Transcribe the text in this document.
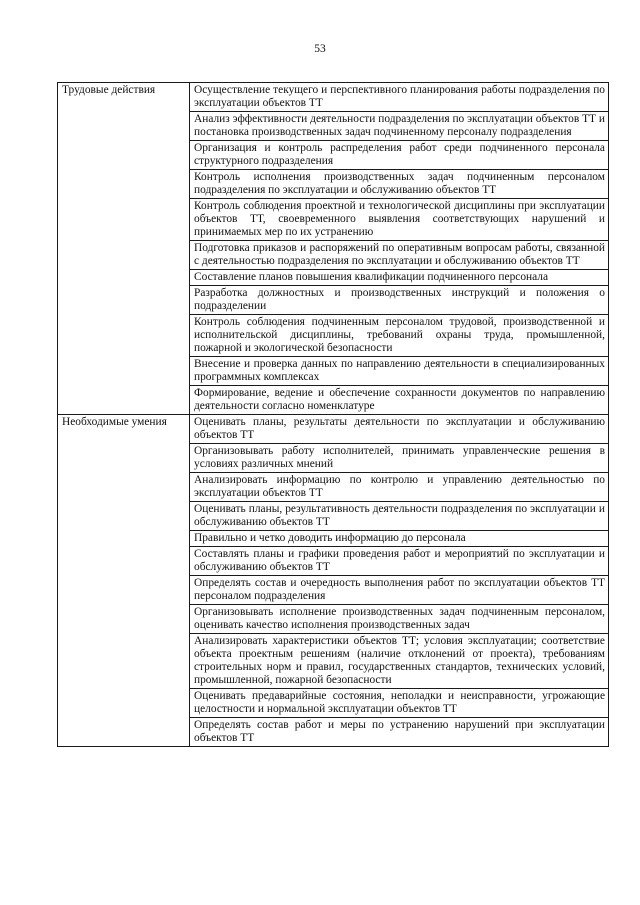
53
Трудовые действия	Осуществление текущего и перспективного планирования работы подразделения по эксплуатации объектов ТТ
	Анализ эффективности деятельности подразделения по эксплуатации объектов ТТ и постановка производственных задач подчиненному персоналу подразделения
	Организация и контроль распределения работ среди подчиненного персонала структурного подразделения
	Контроль исполнения производственных задач подчиненным персоналом подразделения по эксплуатации и обслуживанию объектов ТТ
	Контроль соблюдения проектной и технологической дисциплины при эксплуатации объектов ТТ, своевременного выявления соответствующих нарушений и принимаемых мер по их устранению
	Подготовка приказов и распоряжений по оперативным вопросам работы, связанной с деятельностью подразделения по эксплуатации и обслуживанию объектов ТТ
	Составление планов повышения квалификации подчиненного персонала
	Разработка должностных и производственных инструкций и положения о подразделении
	Контроль соблюдения подчиненным персоналом трудовой, производственной и исполнительской дисциплины, требований охраны труда, промышленной, пожарной и экологической безопасности
	Внесение и проверка данных по направлению деятельности в специализированных программных комплексах
	Формирование, ведение и обеспечение сохранности документов по направлению деятельности согласно номенклатуре
Необходимые умения	Оценивать планы, результаты деятельности по эксплуатации и обслуживанию объектов ТТ
	Организовывать работу исполнителей, принимать управленческие решения в условиях различных мнений
	Анализировать информацию по контролю и управлению деятельностью по эксплуатации объектов ТТ
	Оценивать планы, результативность деятельности подразделения по эксплуатации и обслуживанию объектов ТТ
	Правильно и четко доводить информацию до персонала
	Составлять планы и графики проведения работ и мероприятий по эксплуатации и обслуживанию объектов ТТ
	Определять состав и очередность выполнения работ по эксплуатации объектов ТТ персоналом подразделения
	Организовывать исполнение производственных задач подчиненным персоналом, оценивать качество исполнения производственных задач
	Анализировать характеристики объектов ТТ; условия эксплуатации; соответствие объекта проектным решениям (наличие отклонений от проекта), требованиям строительных норм и правил, государственных стандартов, технических условий, промышленной, пожарной безопасности
	Оценивать предаварийные состояния, неполадки и неисправности, угрожающие целостности и нормальной эксплуатации объектов ТТ
	Определять состав работ и меры по устранению нарушений при эксплуатации объектов ТТ
